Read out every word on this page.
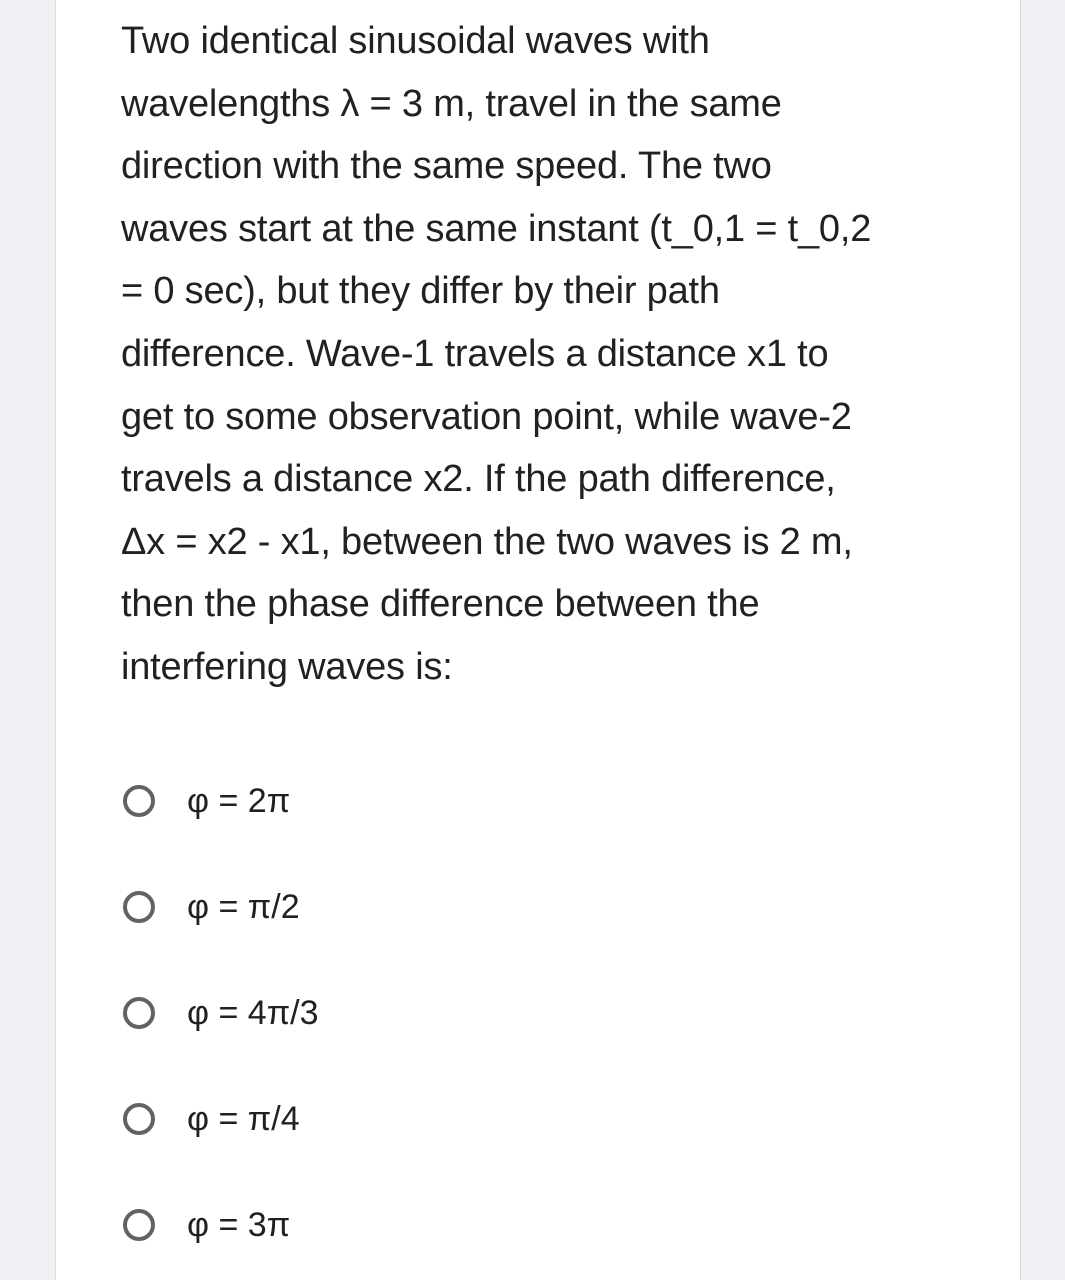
Two identical sinusoidal waves with
wavelengths λ = 3 m, travel in the same
direction with the same speed. The two
waves start at the same instant (t_0,1 = t_0,2
= 0 sec), but they differ by their path
difference. Wave-1 travels a distance x1 to
get to some observation point, while wave-2
travels a distance x2. If the path difference,
Δx = x2 - x1, between the two waves is 2 m,
then the phase difference between the
interfering waves is:

φ = 2π
φ = π/2
φ = 4π/3
φ = π/4
φ = 3π
